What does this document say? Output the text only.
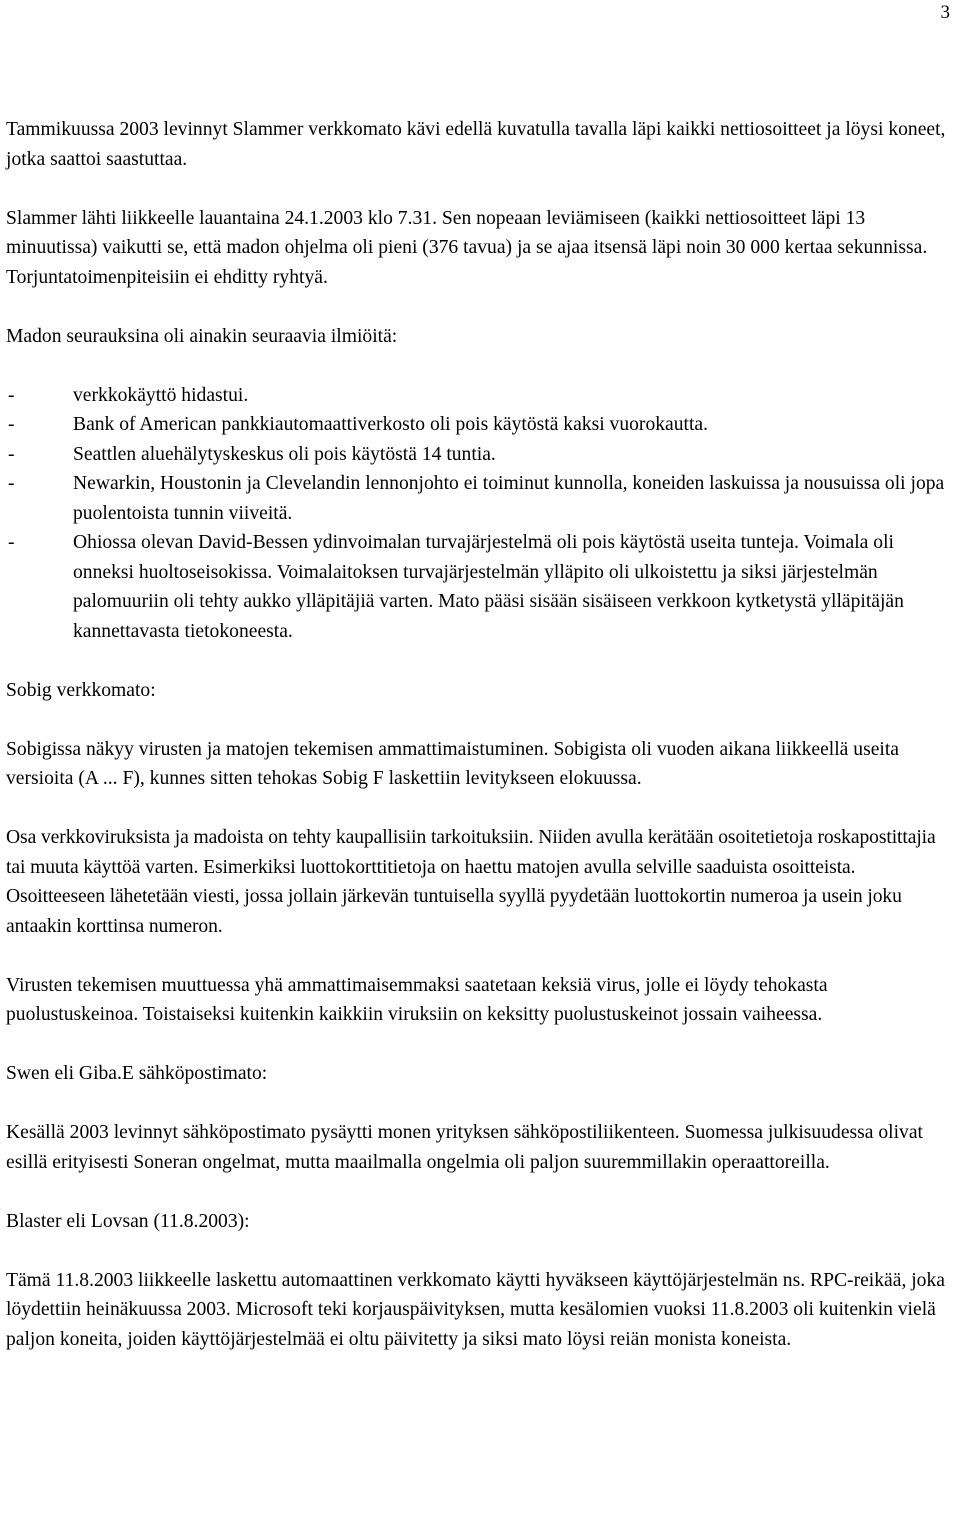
3

Tammikuussa 2003 levinnyt Slammer verkkomato kävi edellä kuvatulla tavalla läpi kaikki nettiosoitteet ja löysi koneet, jotka saattoi saastuttaa.

Slammer lähti liikkeelle lauantaina 24.1.2003 klo 7.31. Sen nopeaan leviämiseen (kaikki nettiosoitteet läpi 13 minuutissa) vaikutti se, että madon ohjelma oli pieni (376 tavua) ja se ajaa itsensä läpi noin 30 000 kertaa sekunnissa. Torjuntatoimenpiteisiin ei ehditty ryhtyä.

Madon seurauksina oli ainakin seuraavia ilmiöitä:

-	verkkokäyttö hidastui.
-	Bank of American pankkiautomaattiverkosto oli pois käytöstä kaksi vuorokautta.
-	Seattlen aluehälytyskeskus oli pois käytöstä 14 tuntia.
-	Newarkin, Houstonin ja Clevelandin lennonjohto ei toiminut kunnolla, koneiden laskuissa ja nousuissa oli jopa puolentoista tunnin viiveitä.
-	Ohiossa olevan David-Bessen ydinvoimalan turvajärjestelmä oli pois käytöstä useita tunteja. Voimala oli onneksi huoltoseisokissa. Voimalaitoksen turvajärjestelmän ylläpito oli ulkoistettu ja siksi järjestelmän palomuuriin oli tehty aukko ylläpitäjiä varten. Mato pääsi sisään sisäiseen verkkoon kytketystä ylläpitäjän kannettavasta tietokoneesta.

Sobig verkkomato:

Sobigissa näkyy virusten ja matojen tekemisen ammattimaistuminen. Sobigista oli vuoden aikana liikkeellä useita versioita (A ... F), kunnes sitten tehokas Sobig F laskettiin levitykseen elokuussa.

Osa verkkoviruksista ja madoista on tehty kaupallisiin tarkoituksiin. Niiden avulla kerätään osoitetietoja roskapostittajia tai muuta käyttöä varten. Esimerkiksi luottokorttitietoja on haettu matojen avulla selville saaduista osoitteista. Osoitteeseen lähetetään viesti, jossa jollain järkevän tuntuisella syyllä pyydetään luottokortin numeroa ja usein joku antaakin korttinsa numeron.

Virusten tekemisen muuttuessa yhä ammattimaisemmaksi saatetaan keksiä virus, jolle ei löydy tehokasta puolustuskeinoa. Toistaiseksi kuitenkin kaikkiin viruksiin on keksitty puolustuskeinot jossain vaiheessa.

Swen eli Giba.E sähköpostimato:

Kesällä 2003 levinnyt sähköpostimato pysäytti monen yrityksen sähköpostiliikenteen. Suomessa julkisuudessa olivat esillä erityisesti Soneran ongelmat, mutta maailmalla ongelmia oli paljon suuremmillakin operaattoreilla.

Blaster eli Lovsan (11.8.2003):

Tämä 11.8.2003 liikkeelle laskettu automaattinen verkkomato käytti hyväkseen käyttöjärjestelmän ns. RPC-reikää, joka löydettiin heinäkuussa 2003. Microsoft teki korjauspäivityksen, mutta kesälomien vuoksi 11.8.2003 oli kuitenkin vielä paljon koneita, joiden käyttöjärjestelmää ei oltu päivitetty ja siksi mato löysi reiän monista koneista.
